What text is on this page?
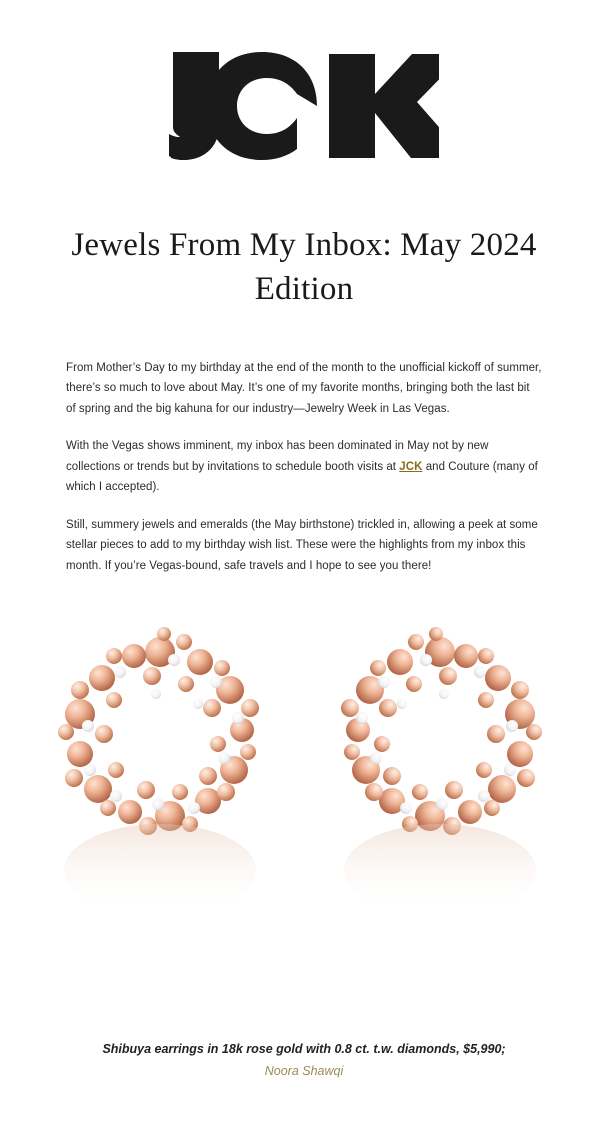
Jewels From My Inbox: May 2024 Edition

From Mother’s Day to my birthday at the end of the month to the unofficial kickoff of summer, there’s so much to love about May. It’s one of my favorite months, bringing both the last bit of spring and the big kahuna for our industry—Jewelry Week in Las Vegas.

With the Vegas shows imminent, my inbox has been dominated in May not by new collections or trends but by invitations to schedule booth visits at JCK and Couture (many of which I accepted).

Still, summery jewels and emeralds (the May birthstone) trickled in, allowing a peek at some stellar pieces to add to my birthday wish list. These were the highlights from my inbox this month. If you’re Vegas-bound, safe travels and I hope to see you there!

Shibuya earrings in 18k rose gold with 0.8 ct. t.w. diamonds, $5,990;
Noora Shawqi
